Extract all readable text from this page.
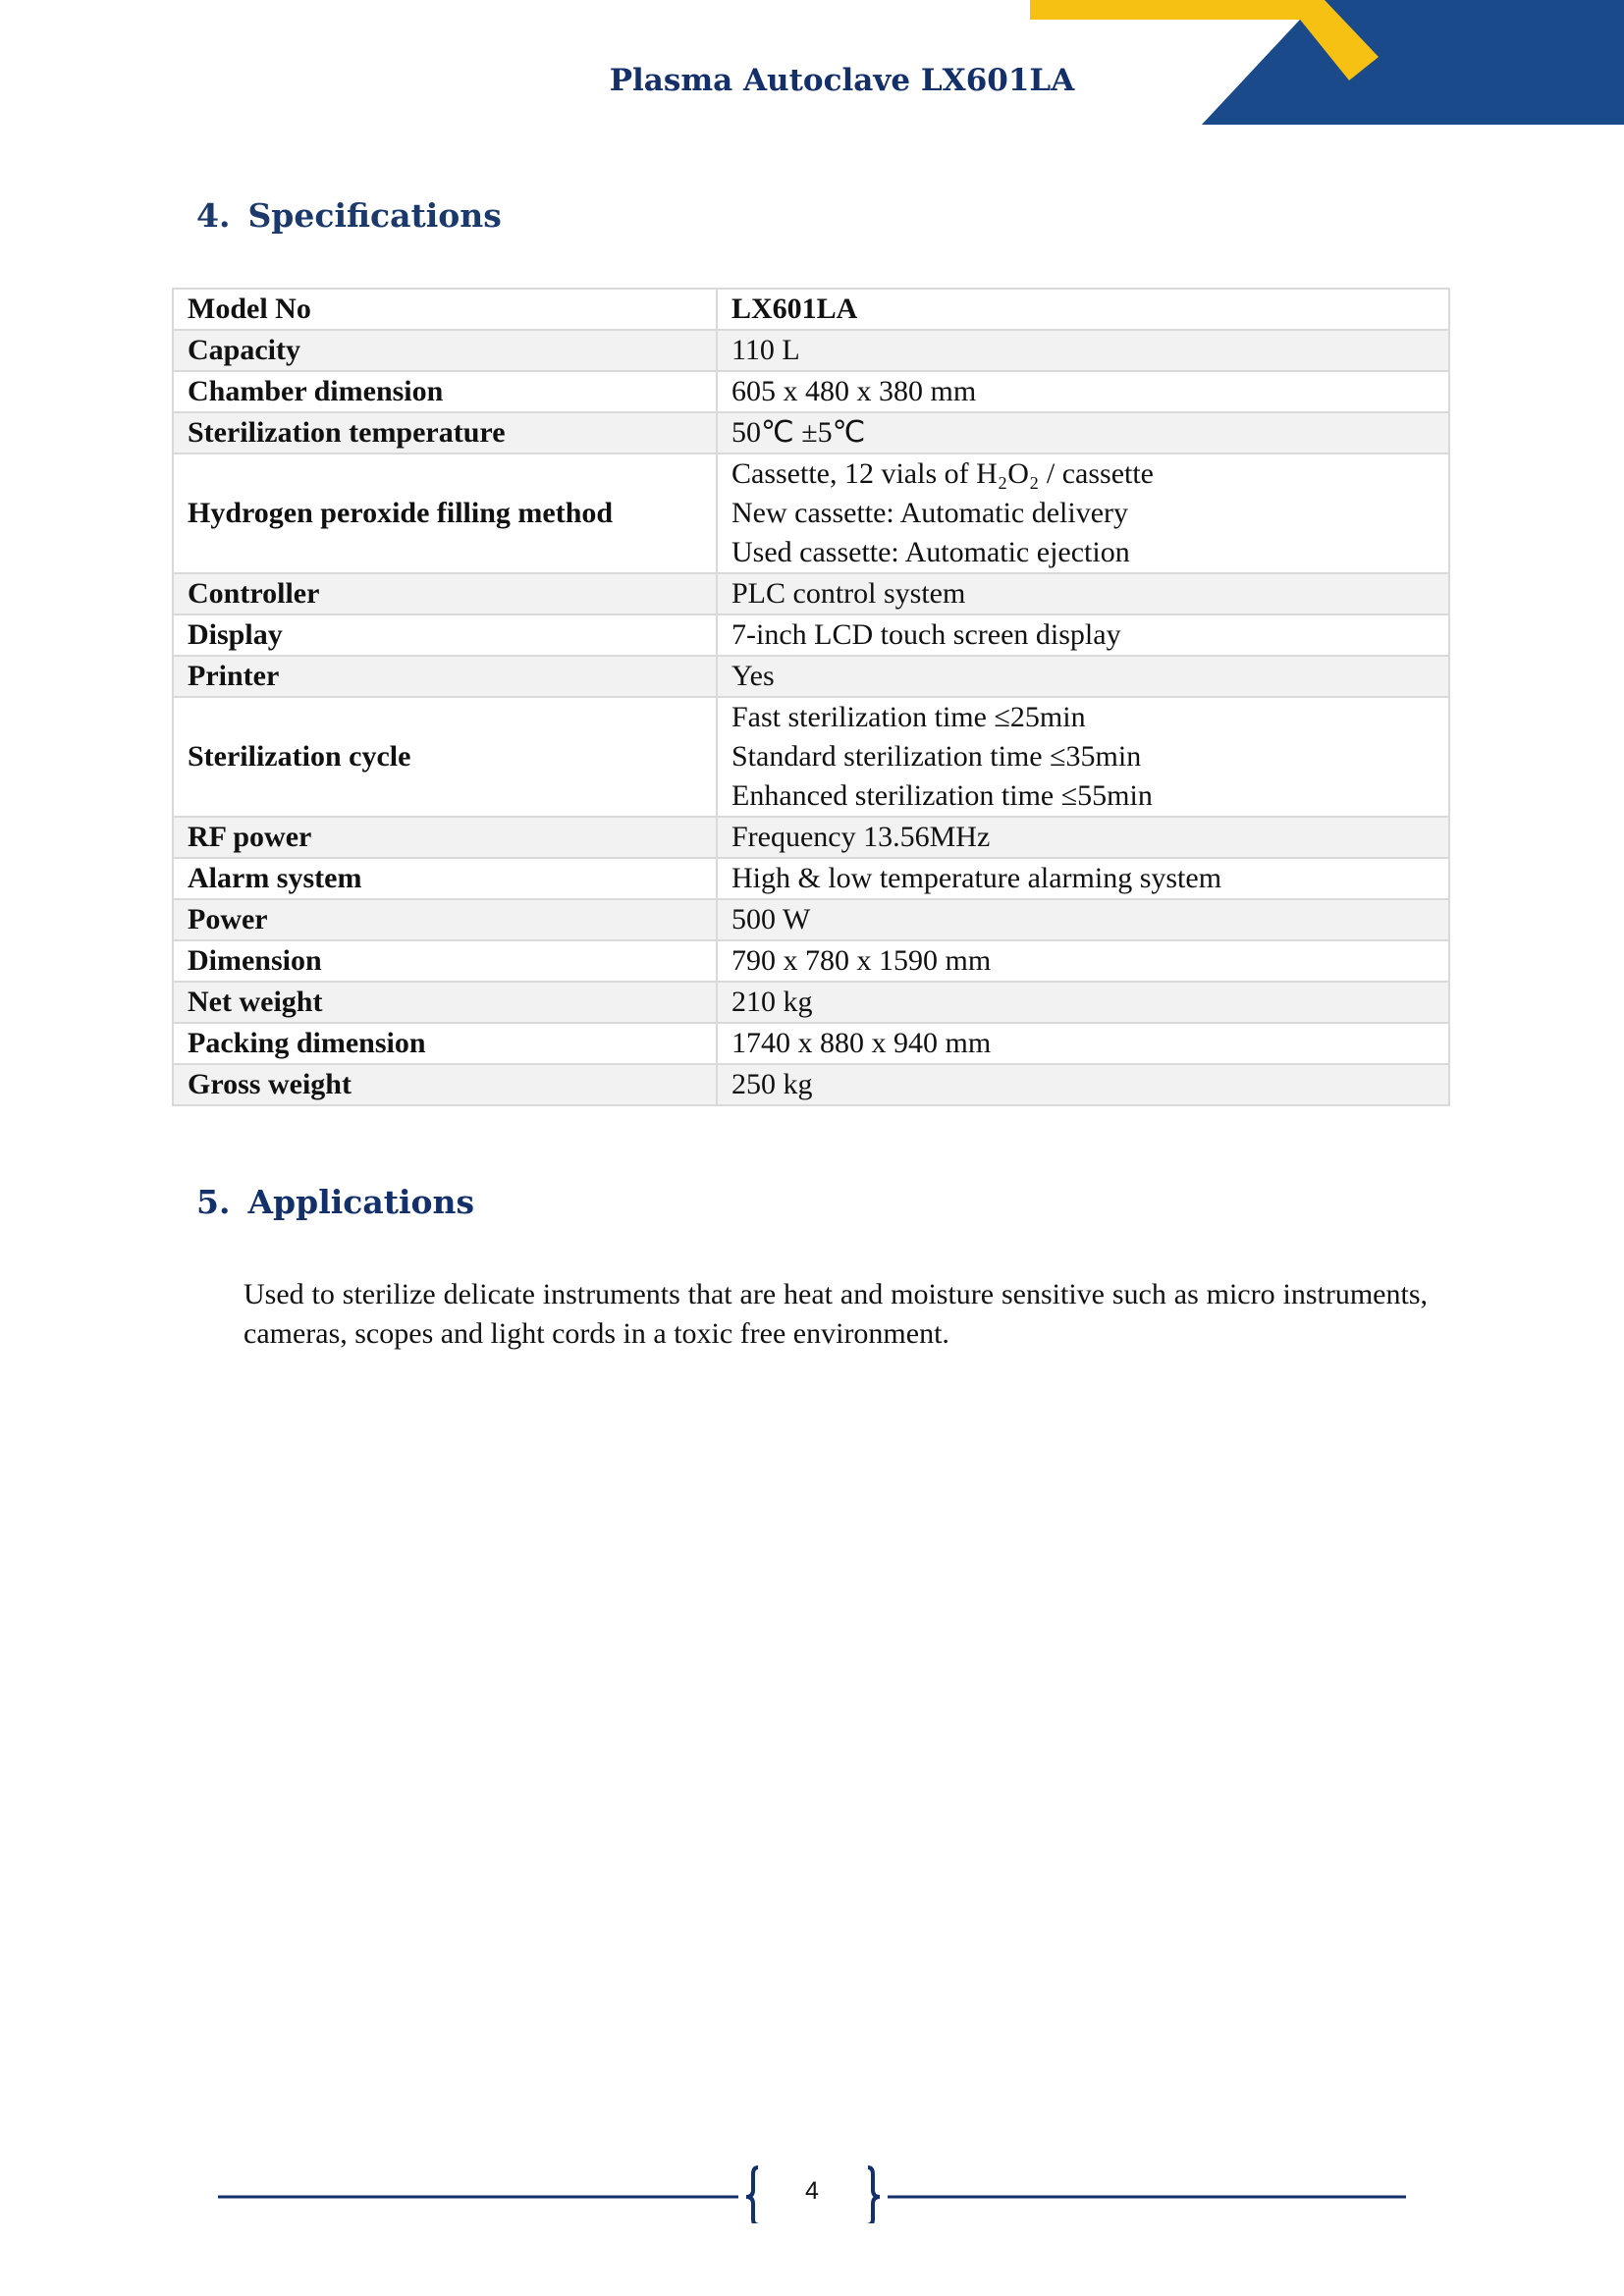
Plasma Autoclave LX601LA
4. Specifications
Model No	LX601LA

Capacity	110 L

Chamber dimension	605 x 480 x 380 mm

Sterilization temperature	50℃ ±5℃

Hydrogen peroxide filling method	Cassette, 12 vials of H₂O₂ / cassette
New cassette: Automatic delivery
Used cassette: Automatic ejection

Controller	PLC control system

Display	7-inch LCD touch screen display

Printer	Yes

Sterilization cycle	Fast sterilization time ≤25min
Standard sterilization time ≤35min
Enhanced sterilization time ≤55min

RF power	Frequency 13.56MHz

Alarm system	High & low temperature alarming system

Power	500 W

Dimension	790 x 780 x 1590 mm

Net weight	210 kg

Packing dimension	1740 x 880 x 940 mm

Gross weight	250 kg
5. Applications

Used to sterilize delicate instruments that are heat and moisture sensitive such as micro instruments, cameras, scopes and light cords in a toxic free environment.

4
